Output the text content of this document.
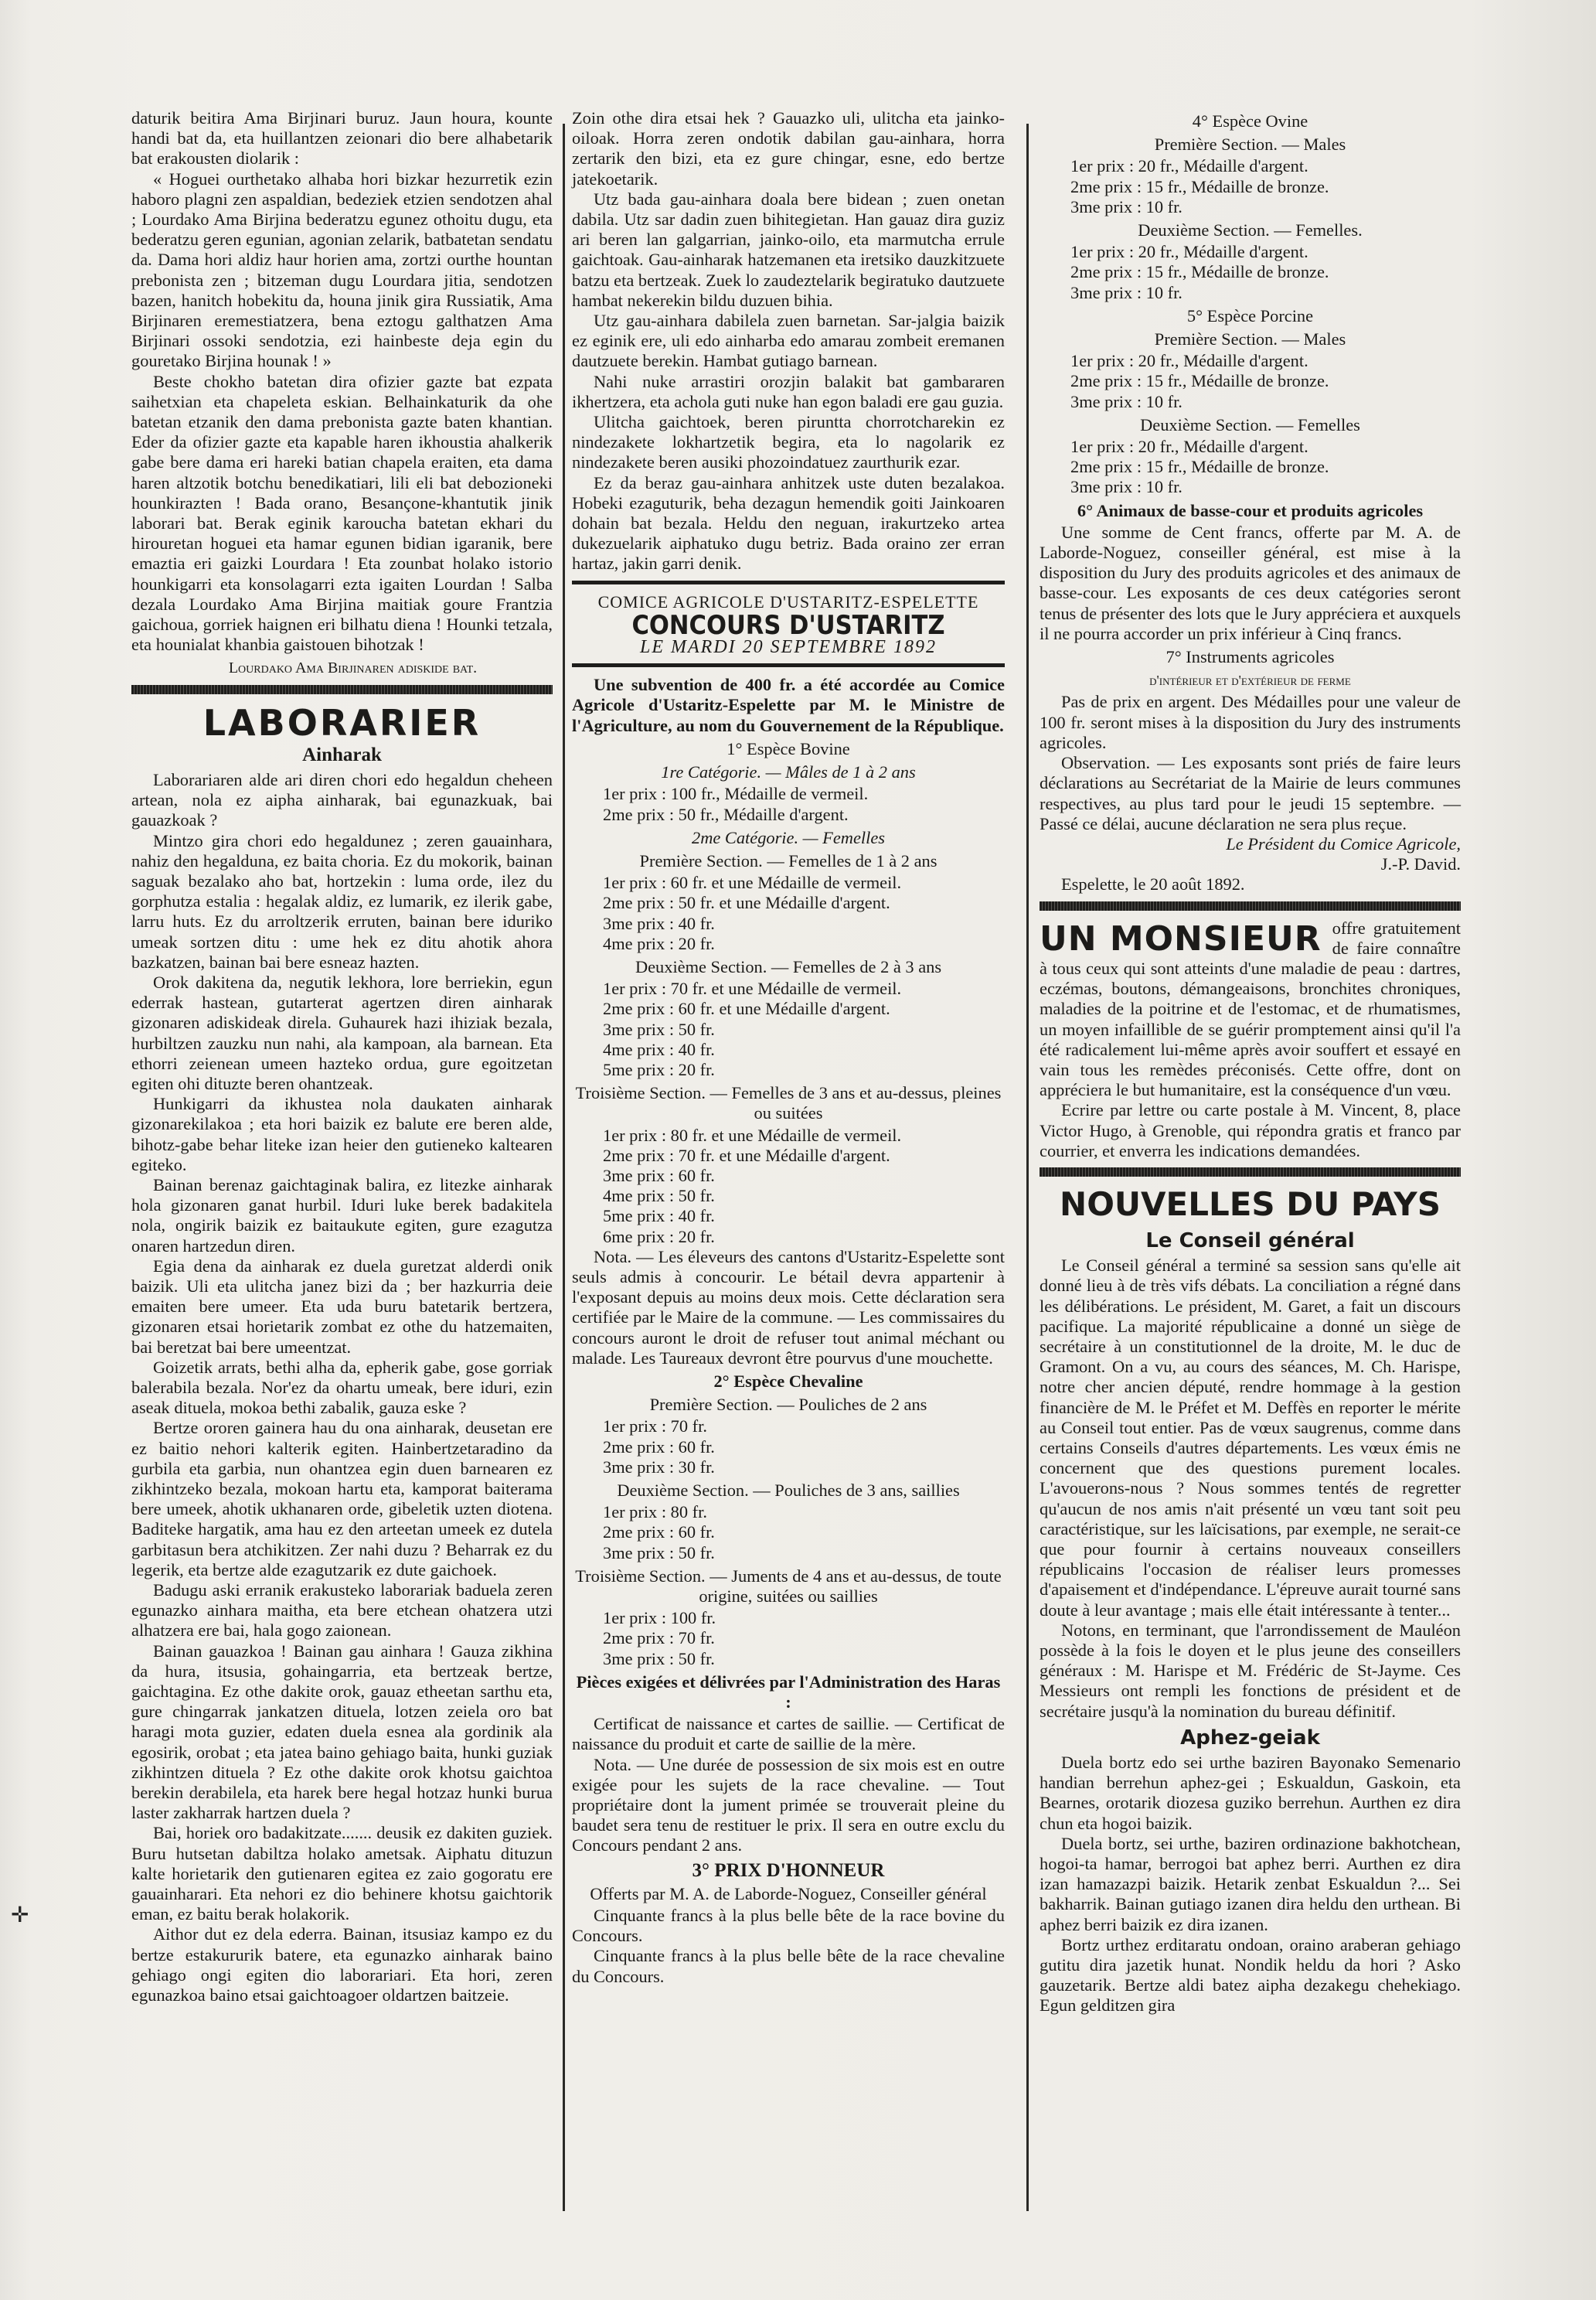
daturik beitira Ama Birjinari buruz. Jaun houra, kounte handi bat da, eta huillantzen zeionari dio bere alhabetarik bat erakousten diolarik :

« Hoguei ourthetako alhaba hori bizkar hezurretik ezin haboro plagni zen aspaldian, bedeziek etzien sendotzen ahal ; Lourdako Ama Birjina bederatzu egunez othoitu dugu, eta bederatzu geren egunian, agonian zelarik, batbatetan sendatu da. Dama hori aldiz haur horien ama, zortzi ourthe hountan prebonista zen ; bitzeman dugu Lourdara jitia, sendotzen bazen, hanitch hobekitu da, houna jinik gira Russiatik, Ama Birjinaren eremestiatzera, bena eztogu galthatzen Ama Birjinari ossoki sendotzia, ezi hainbeste deja egin du gouretako Birjina hounak ! »

Beste chokho batetan dira ofizier gazte bat ezpata saihetxian eta chapeleta eskian. Belhainkaturik da ohe batetan etzanik den dama prebonista gazte baten khantian. Eder da ofizier gazte eta kapable haren ikhoustia ahalkerik gabe bere dama eri hareki batian chapela eraiten, eta dama haren altzotik botchu benedikatiari, lili eli bat debozioneki hounkirazten ! Bada orano, Besançone-khantutik jinik laborari bat. Berak eginik karoucha batetan ekhari du hirouretan hoguei eta hamar egunen bidian igaranik, bere emaztia eri gaizki Lourdara ! Eta zounbat holako istorio hounkigarri eta konsolagarri ezta igaiten Lourdan ! Salba dezala Lourdako Ama Birjina maitiak goure Frantzia gaichoua, gorriek haignen eri bilhatu diena ! Hounki tetzala, eta hounialat khanbia gaistouen bihotzak !

Lourdako Ama Birjinaren adiskide bat.

LABORARIER
Ainharak

Laborariaren alde ari diren chori edo hegaldun cheheen artean, nola ez aipha ainharak, bai egunazkuak, bai gauazkoak ?

Mintzo gira chori edo hegaldunez ; zeren gauainhara, nahiz den hegalduna, ez baita choria. Ez du mokorik, bainan saguak bezalako aho bat, hortzekin : luma orde, ilez du gorphutza estalia : hegalak aldiz, ez lumarik, ez ilerik gabe, larru huts. Ez du arroltzerik erruten, bainan bere iduriko umeak sortzen ditu : ume hek ez ditu ahotik ahora bazkatzen, bainan bai bere esneaz hazten.

Orok dakitena da, negutik lekhora, lore berriekin, egun ederrak hastean, gutarterat agertzen diren ainharak gizonaren adiskideak direla. Guhaurek hazi ihiziak bezala, hurbiltzen zauzku nun nahi, ala kampoan, ala barnean. Eta ethorri zeienean umeen hazteko ordua, gure egoitzetan egiten ohi dituzte beren ohantzeak.

Hunkigarri da ikhustea nola daukaten ainharak gizonarekilakoa ; eta hori baizik ez balute ere beren alde, bihotz-gabe behar liteke izan heier den gutieneko kaltearen egiteko.

Bainan berenaz gaichtaginak balira, ez litezke ainharak hola gizonaren ganat hurbil. Iduri luke berek badakitela nola, ongirik baizik ez baitaukute egiten, gure ezagutza onaren hartzedun diren.

Egia dena da ainharak ez duela guretzat alderdi onik baizik. Uli eta ulitcha janez bizi da ; ber hazkurria deie emaiten bere umeer. Eta uda buru batetarik bertzera, gizonaren etsai horietarik zombat ez othe du hatzemaiten, bai beretzat bai bere umeentzat.

Goizetik arrats, bethi alha da, epherik gabe, gose gorriak balerabila bezala. Nor'ez da ohartu umeak, bere iduri, ezin aseak dituela, mokoa bethi zabalik, gauza eske ?

Bertze ororen gainera hau du ona ainharak, deusetan ere ez baitio nehori kalterik egiten. Hainbertzetaradino da gurbila eta garbia, nun ohantzea egin duen barnearen ez zikhintzeko bezala, mokoan hartu eta, kamporat baiterama bere umeek, ahotik ukhanaren orde, gibeletik uzten diotena. Baditeke hargatik, ama hau ez den arteetan umeek ez dutela garbitasun bera atchikitzen. Zer nahi duzu ? Beharrak ez du legerik, eta bertze alde ezagutzarik ez dute gaichoek.

Badugu aski erranik erakusteko laborariak baduela zeren egunazko ainhara maitha, eta bere etchean ohatzera utzi alhatzera ere bai, hala gogo zaionean.

Bainan gauazkoa ! Bainan gau ainhara ! Gauza zikhina da hura, itsusia, gohaingarria, eta bertzeak bertze, gaichtagina. Ez othe dakite orok, gauaz etheetan sarthu eta, gure chingarrak jankatzen dituela, lotzen zeiela oro bat haragi mota guzier, edaten duela esnea ala gordinik ala egosirik, orobat ; eta jatea baino gehiago baita, hunki guziak zikhintzen dituela ? Ez othe dakite orok khotsu gaichtoa berekin derabilela, eta harek bere hegal hotzaz hunki burua laster zakharrak hartzen duela ?

Bai, horiek oro badakitzate....... deusik ez dakiten guziek. Buru hutsetan dabiltza holako ametsak. Aiphatu dituzun kalte horietarik den gutienaren egitea ez zaio gogoratu ere gauainharari. Eta nehori ez dio behinere khotsu gaichtorik eman, ez baitu berak holakorik.

Aithor dut ez dela ederra. Bainan, itsusiaz kampo ez du bertze estakururik batere, eta egunazko ainharak baino gehiago ongi egiten dio laborariari. Eta hori, zeren egunazkoa baino etsai gaichtoagoer oldartzen baitzeie.

Zoin othe dira etsai hek ? Gauazko uli, ulitcha eta jainko-oiloak. Horra zeren ondotik dabilan gau-ainhara, horra zertarik den bizi, eta ez gure chingar, esne, edo bertze jatekoetarik.

Utz bada gau-ainhara doala bere bidean ; zuen onetan dabila. Utz sar dadin zuen bihitegietan. Han gauaz dira guziz ari beren lan galgarrian, jainko-oilo, eta marmutcha errule gaichtoak. Gau-ainharak hatzemanen eta iretsiko dauzkitzuete batzu eta bertzeak. Zuek lo zaudeztelarik begiratuko dautzuete hambat nekerekin bildu duzuen bihia.

Utz gau-ainhara dabilela zuen barnetan. Sar-jalgia baizik ez eginik ere, uli edo ainharba edo amarau zombeit eremanen dautzuete berekin. Hambat gutiago barnean.

Nahi nuke arrastiri orozjin balakit bat gambararen ikhertzera, eta achola guti nuke han egon baladi ere gau guzia.

Ulitcha gaichtoek, beren piruntta chorrotcharekin ez nindezakete lokhartzetik begira, eta lo nagolarik ez nindezakete beren ausiki phozoindatuez zaurthurik ezar.

Ez da beraz gau-ainhara anhitzek uste duten bezalakoa. Hobeki ezaguturik, beha dezagun hemendik goiti Jainkoaren dohain bat bezala. Heldu den neguan, irakurtzeko artea dukezuelarik aiphatuko dugu betriz. Bada oraino zer erran hartaz, jakin garri denik.

COMICE AGRICOLE D'USTARITZ-ESPELETTE
CONCOURS D'USTARITZ
LE MARDI 20 SEPTEMBRE 1892

Une subvention de 400 fr. a été accordée au Comice Agricole d'Ustaritz-Espelette par M. le Ministre de l'Agriculture, au nom du Gouvernement de la République.

1° Espèce Bovine
1re Catégorie. — Mâles de 1 à 2 ans
1er prix : 100 fr., Médaille de vermeil.
2me prix : 50 fr., Médaille d'argent.
2me Catégorie. — Femelles
Première Section. — Femelles de 1 à 2 ans
1er prix : 60 fr. et une Médaille de vermeil.
2me prix : 50 fr. et une Médaille d'argent.
3me prix : 40 fr.
4me prix : 20 fr.
Deuxième Section. — Femelles de 2 à 3 ans
1er prix : 70 fr. et une Médaille de vermeil.
2me prix : 60 fr. et une Médaille d'argent.
3me prix : 50 fr.
4me prix : 40 fr.
5me prix : 20 fr.
Troisième Section. — Femelles de 3 ans et au-dessus, pleines ou suitées
1er prix : 80 fr. et une Médaille de vermeil.
2me prix : 70 fr. et une Médaille d'argent.
3me prix : 60 fr.
4me prix : 50 fr.
5me prix : 40 fr.
6me prix : 20 fr.

Nota. — Les éleveurs des cantons d'Ustaritz-Espelette sont seuls admis à concourir. Le bétail devra appartenir à l'exposant depuis au moins deux mois. Cette déclaration sera certifiée par le Maire de la commune. — Les commissaires du concours auront le droit de refuser tout animal méchant ou malade. Les Taureaux devront être pourvus d'une mouchette.

2° Espèce Chevaline
Première Section. — Pouliches de 2 ans
1er prix : 70 fr.
2me prix : 60 fr.
3me prix : 30 fr.
Deuxième Section. — Pouliches de 3 ans, saillies
1er prix : 80 fr.
2me prix : 60 fr.
3me prix : 50 fr.
Troisième Section. — Juments de 4 ans et au-dessus, de toute origine, suitées ou saillies
1er prix : 100 fr.
2me prix : 70 fr.
3me prix : 50 fr.
Pièces exigées et délivrées par l'Administration des Haras :

Certificat de naissance et cartes de saillie. — Certificat de naissance du produit et carte de saillie de la mère.

Nota. — Une durée de possession de six mois est en outre exigée pour les sujets de la race chevaline. — Tout propriétaire dont la jument primée se trouverait pleine du baudet sera tenu de restituer le prix. Il sera en outre exclu du Concours pendant 2 ans.

3° PRIX D'HONNEUR
Offerts par M. A. de Laborde-Noguez, Conseiller général

Cinquante francs à la plus belle bête de la race bovine du Concours.

Cinquante francs à la plus belle bête de la race chevaline du Concours.

4° Espèce Ovine
Première Section. — Males
1er prix : 20 fr., Médaille d'argent.
2me prix : 15 fr., Médaille de bronze.
3me prix : 10 fr.
Deuxième Section. — Femelles.
1er prix : 20 fr., Médaille d'argent.
2me prix : 15 fr., Médaille de bronze.
3me prix : 10 fr.
5° Espèce Porcine
Première Section. — Males
1er prix : 20 fr., Médaille d'argent.
2me prix : 15 fr., Médaille de bronze.
3me prix : 10 fr.
Deuxième Section. — Femelles
1er prix : 20 fr., Médaille d'argent.
2me prix : 15 fr., Médaille de bronze.
3me prix : 10 fr.
6° Animaux de basse-cour et produits agricoles

Une somme de Cent francs, offerte par M. A. de Laborde-Noguez, conseiller général, est mise à la disposition du Jury des produits agricoles et des animaux de basse-cour. Les exposants de ces deux catégories seront tenus de présenter des lots que le Jury appréciera et auxquels il ne pourra accorder un prix inférieur à Cinq francs.

7° Instruments agricoles
d'intérieur et d'extérieur de ferme

Pas de prix en argent. Des Médailles pour une valeur de 100 fr. seront mises à la disposition du Jury des instruments agricoles.

Observation. — Les exposants sont priés de faire leurs déclarations au Secrétariat de la Mairie de leurs communes respectives, au plus tard pour le jeudi 15 septembre. — Passé ce délai, aucune déclaration ne sera plus reçue.

Le Président du Comice Agricole,

J.-P. David.

Espelette, le 20 août 1892.

UN MONSIEUR offre gratuitement de faire connaître à tous ceux qui sont atteints d'une maladie de peau : dartres, eczémas, boutons, démangeaisons, bronchites chroniques, maladies de la poitrine et de l'estomac, et de rhumatismes, un moyen infaillible de se guérir promptement ainsi qu'il l'a été radicalement lui-même après avoir souffert et essayé en vain tous les remèdes préconisés. Cette offre, dont on appréciera le but humanitaire, est la conséquence d'un vœu.

Ecrire par lettre ou carte postale à M. Vincent, 8, place Victor Hugo, à Grenoble, qui répondra gratis et franco par courrier, et enverra les indications demandées.

NOUVELLES DU PAYS
Le Conseil général

Le Conseil général a terminé sa session sans qu'elle ait donné lieu à de très vifs débats. La conciliation a régné dans les délibérations. Le président, M. Garet, a fait un discours pacifique. La majorité républicaine a donné un siège de secrétaire à un constitutionnel de la droite, M. le duc de Gramont. On a vu, au cours des séances, M. Ch. Harispe, notre cher ancien député, rendre hommage à la gestion financière de M. le Préfet et M. Deffès en reporter le mérite au Conseil tout entier. Pas de vœux saugrenus, comme dans certains Conseils d'autres départements. Les vœux émis ne concernent que des questions purement locales. L'avouerons-nous ? Nous sommes tentés de regretter qu'aucun de nos amis n'ait présenté un vœu tant soit peu caractéristique, sur les laïcisations, par exemple, ne serait-ce que pour fournir à certains nouveaux conseillers républicains l'occasion de réaliser leurs promesses d'apaisement et d'indépendance. L'épreuve aurait tourné sans doute à leur avantage ; mais elle était intéressante à tenter...

Notons, en terminant, que l'arrondissement de Mauléon possède à la fois le doyen et le plus jeune des conseillers généraux : M. Harispe et M. Frédéric de St-Jayme. Ces Messieurs ont rempli les fonctions de président et de secrétaire jusqu'à la nomination du bureau définitif.

Aphez-geiak

Duela bortz edo sei urthe baziren Bayonako Semenario handian berrehun aphez-gei ; Eskualdun, Gaskoin, eta Bearnes, orotarik diozesa guziko berrehun. Aurthen ez dira chun eta hogoi baizik.

Duela bortz, sei urthe, baziren ordinazione bakhotchean, hogoi-ta hamar, berrogoi bat aphez berri. Aurthen ez dira izan hamazazpi baizik. Hetarik zenbat Eskualdun ?... Sei bakharrik. Bainan gutiago izanen dira heldu den urthean. Bi aphez berri baizik ez dira izanen.

Bortz urthez erditaratu ondoan, oraino araberan gehiago gutitu dira jazetik hunat. Nondik heldu da hori ? Asko gauzetarik. Bertze aldi batez aipha dezakegu chehekiago. Egun gelditzen gira

✛
